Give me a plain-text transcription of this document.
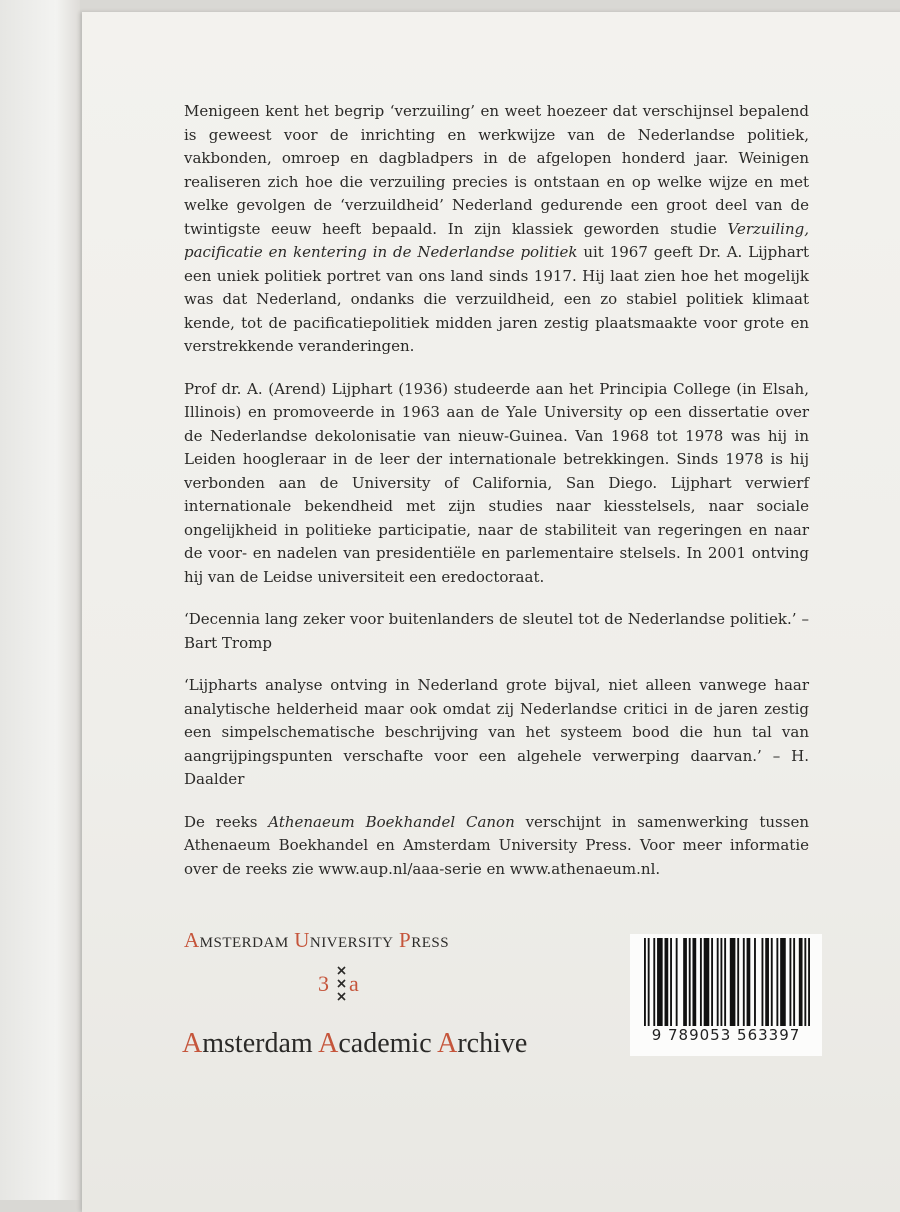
Menigeen kent het begrip ‘verzuiling’ en weet hoezeer dat verschijnsel bepalend is geweest voor de inrichting en werkwijze van de Nederlandse politiek, vakbonden, omroep en dagbladpers in de afgelopen honderd jaar. Weinigen realiseren zich hoe die verzuiling precies is ontstaan en op welke wijze en met welke gevolgen de ‘verzuildheid’ Nederland gedurende een groot deel van de twintigste eeuw heeft bepaald. In zijn klassiek geworden studie Verzuiling, pacificatie en kentering in de Nederlandse politiek uit 1967 geeft Dr. A. Lijphart een uniek politiek portret van ons land sinds 1917. Hij laat zien hoe het mogelijk was dat Nederland, ondanks die verzuildheid, een zo stabiel politiek klimaat kende, tot de pacificatiepolitiek midden jaren zestig plaatsmaakte voor grote en verstrekkende veranderingen.

Prof dr. A. (Arend) Lijphart (1936) studeerde aan het Principia College (in Elsah, Illinois) en promoveerde in 1963 aan de Yale University op een dissertatie over de Nederlandse dekolonisatie van nieuw-Guinea. Van 1968 tot 1978 was hij in Leiden hoogleraar in de leer der internationale betrekkingen. Sinds 1978 is hij verbonden aan de University of California, San Diego. Lijphart verwierf internationale bekendheid met zijn studies naar kiesstelsels, naar sociale ongelijkheid in politieke participatie, naar de stabiliteit van regeringen en naar de voor- en nadelen van presidentiële en parlementaire stelsels. In 2001 ontving hij van de Leidse universiteit een eredoctoraat.

‘Decennia lang zeker voor buitenlanders de sleutel tot de Nederlandse politiek.’ – Bart Tromp

‘Lijpharts analyse ontving in Nederland grote bijval, niet alleen vanwege haar analytische helderheid maar ook omdat zij Nederlandse critici in de jaren zestig een simpelschematische beschrijving van het systeem bood die hun tal van aangrijpingspunten verschafte voor een algehele verwerping daarvan.’ – H. Daalder

De reeks Athenaeum Boekhandel Canon verschijnt in samenwerking tussen Athenaeum Boekhandel en Amsterdam University Press. Voor meer informatie over de reeks zie www.aup.nl/aaa-serie en www.athenaeum.nl.

AMSTERDAM UNIVERSITY PRESS
3 a
Amsterdam Academic Archive	9 789053 563397
